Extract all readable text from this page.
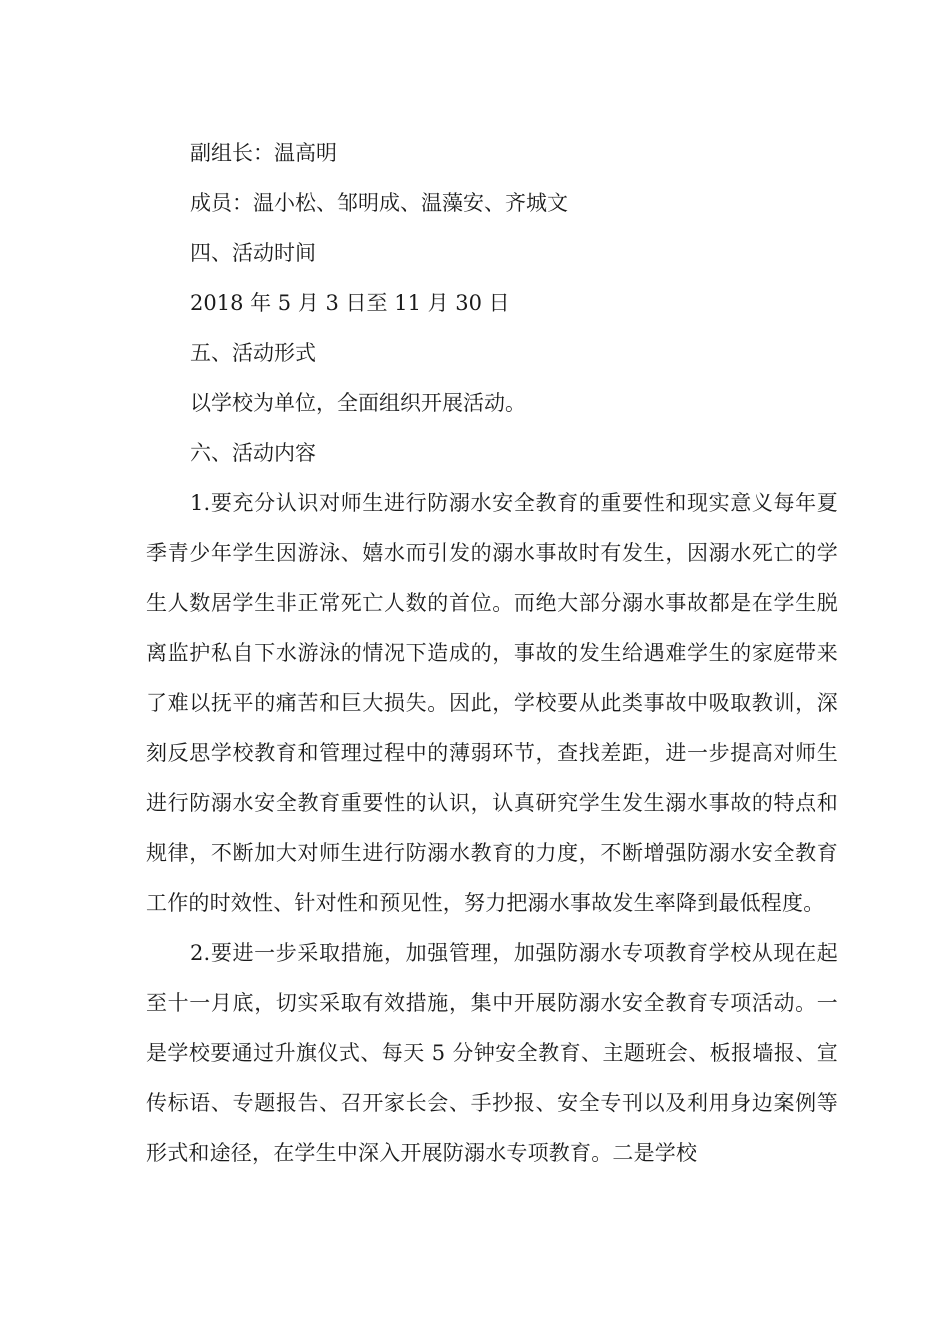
副组长：温高明

成员：温小松、邹明成、温藻安、齐城文

四、活动时间

2018 年 5 月 3 日至 11 月 30 日

五、活动形式

以学校为单位，全面组织开展活动。

六、活动内容

1.要充分认识对师生进行防溺水安全教育的重要性和现实意义每年夏季青少年学生因游泳、嬉水而引发的溺水事故时有发生，因溺水死亡的学生人数居学生非正常死亡人数的首位。而绝大部分溺水事故都是在学生脱离监护私自下水游泳的情况下造成的，事故的发生给遇难学生的家庭带来了难以抚平的痛苦和巨大损失。因此，学校要从此类事故中吸取教训，深刻反思学校教育和管理过程中的薄弱环节，查找差距，进一步提高对师生进行防溺水安全教育重要性的认识，认真研究学生发生溺水事故的特点和规律，不断加大对师生进行防溺水教育的力度，不断增强防溺水安全教育工作的时效性、针对性和预见性，努力把溺水事故发生率降到最低程度。

2.要进一步采取措施，加强管理，加强防溺水专项教育学校从现在起至十一月底，切实采取有效措施，集中开展防溺水安全教育专项活动。一是学校要通过升旗仪式、每天 5 分钟安全教育、主题班会、板报墙报、宣传标语、专题报告、召开家长会、手抄报、安全专刊以及利用身边案例等形式和途径，在学生中深入开展防溺水专项教育。二是学校
